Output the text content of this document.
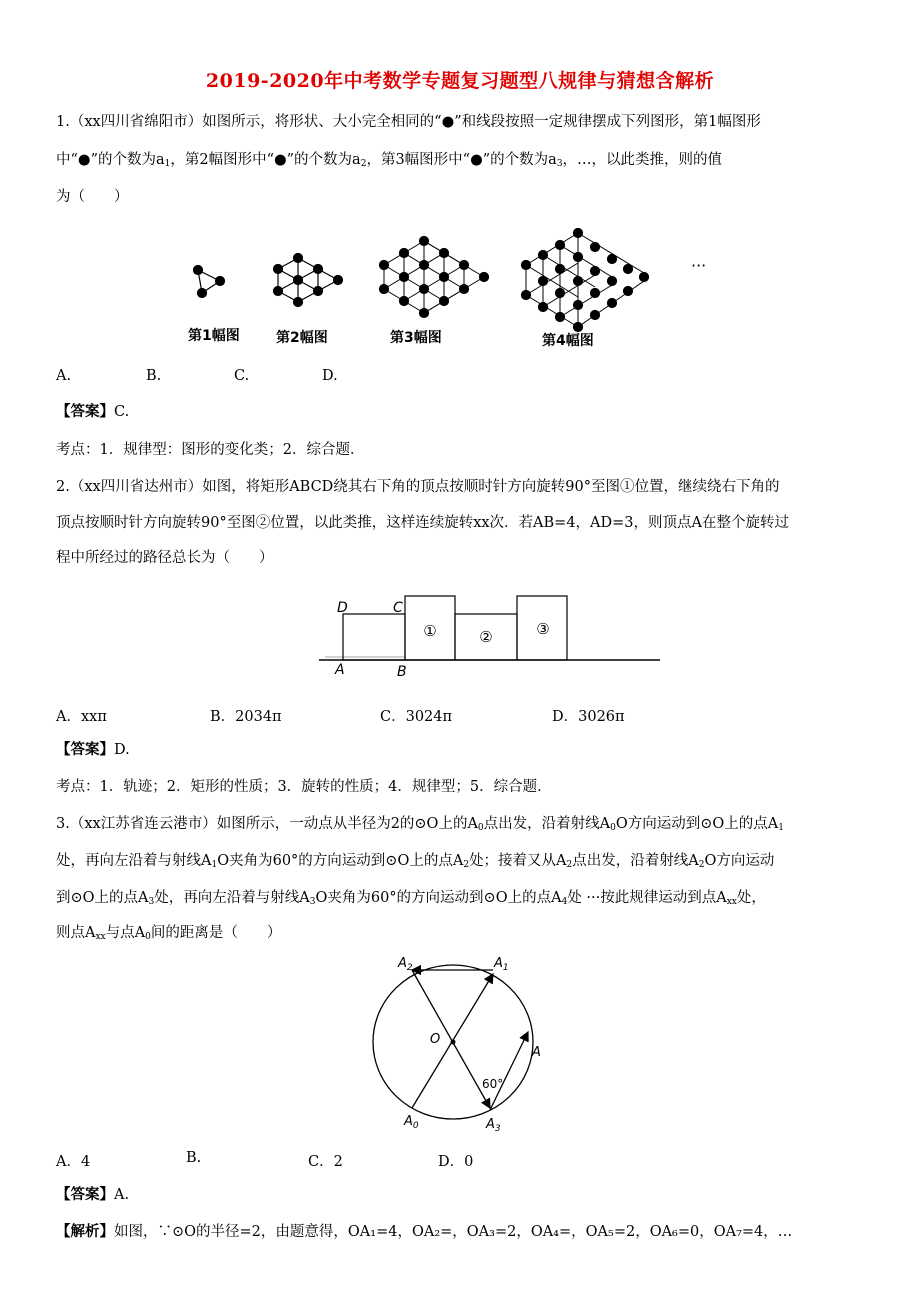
2019-2020年中考数学专题复习题型八规律与猜想含解析
1.（xx四川省绵阳市）如图所示，将形状、大小完全相同的“●”和线段按照一定规律摆成下列图形，第1幅图形
中“●”的个数为$a_1$，第2幅图形中“●”的个数为$a_2$，第3幅图形中“●”的个数为$a_3$，…，以此类推，则的值
为（　　）
···
第1幅图	第2幅图	第3幅图	第4幅图
A.	B.	C.	D.
【答案】C.
考点：1．规律型：图形的变化类；2．综合题．
2.（xx四川省达州市）如图，将矩形ABCD绕其右下角的顶点按顺时针方向旋转90°至图①位置，继续绕右下角的
顶点按顺时针方向旋转90°至图②位置，以此类推，这样连续旋转xx次．若AB=4，AD=3，则顶点A在整个旋转过
程中所经过的路径总长为（　　）
D	C
A	B
①	②	③
A．xxπ	B．2034π	C．3024π	D．3026π
【答案】D.
考点：1．轨迹；2．矩形的性质；3．旋转的性质；4．规律型；5．综合题．
3.（xx江苏省连云港市）如图所示，一动点从半径为2的⊙O上的$A_0$点出发，沿着射线$A_0O$方向运动到⊙O上的点$A_1$
处，再向左沿着与射线$A_1O$夹角为60°的方向运动到⊙O上的点$A_2$处；接着又从$A_2$点出发，沿着射线$A_2O$方向运动
到⊙O上的点$A_3$处，再向左沿着与射线$A_3O$夹角为60°的方向运动到⊙O上的点$A_4$处 ···按此规律运动到点$A_{xx}$处，
则点$A_{xx}$与点$A_0$间的距离是（　　）
O
A
$A_2$	$A_1$
$A_0$	$A_3$
60°
A．4	B.	C．2	D．0
【答案】A.
【解析】如图，∵⊙O的半径=2，由题意得，OA₁=4，OA₂=，OA₃=2，OA₄=，OA₅=2，OA₆=0，OA₇=4，…
